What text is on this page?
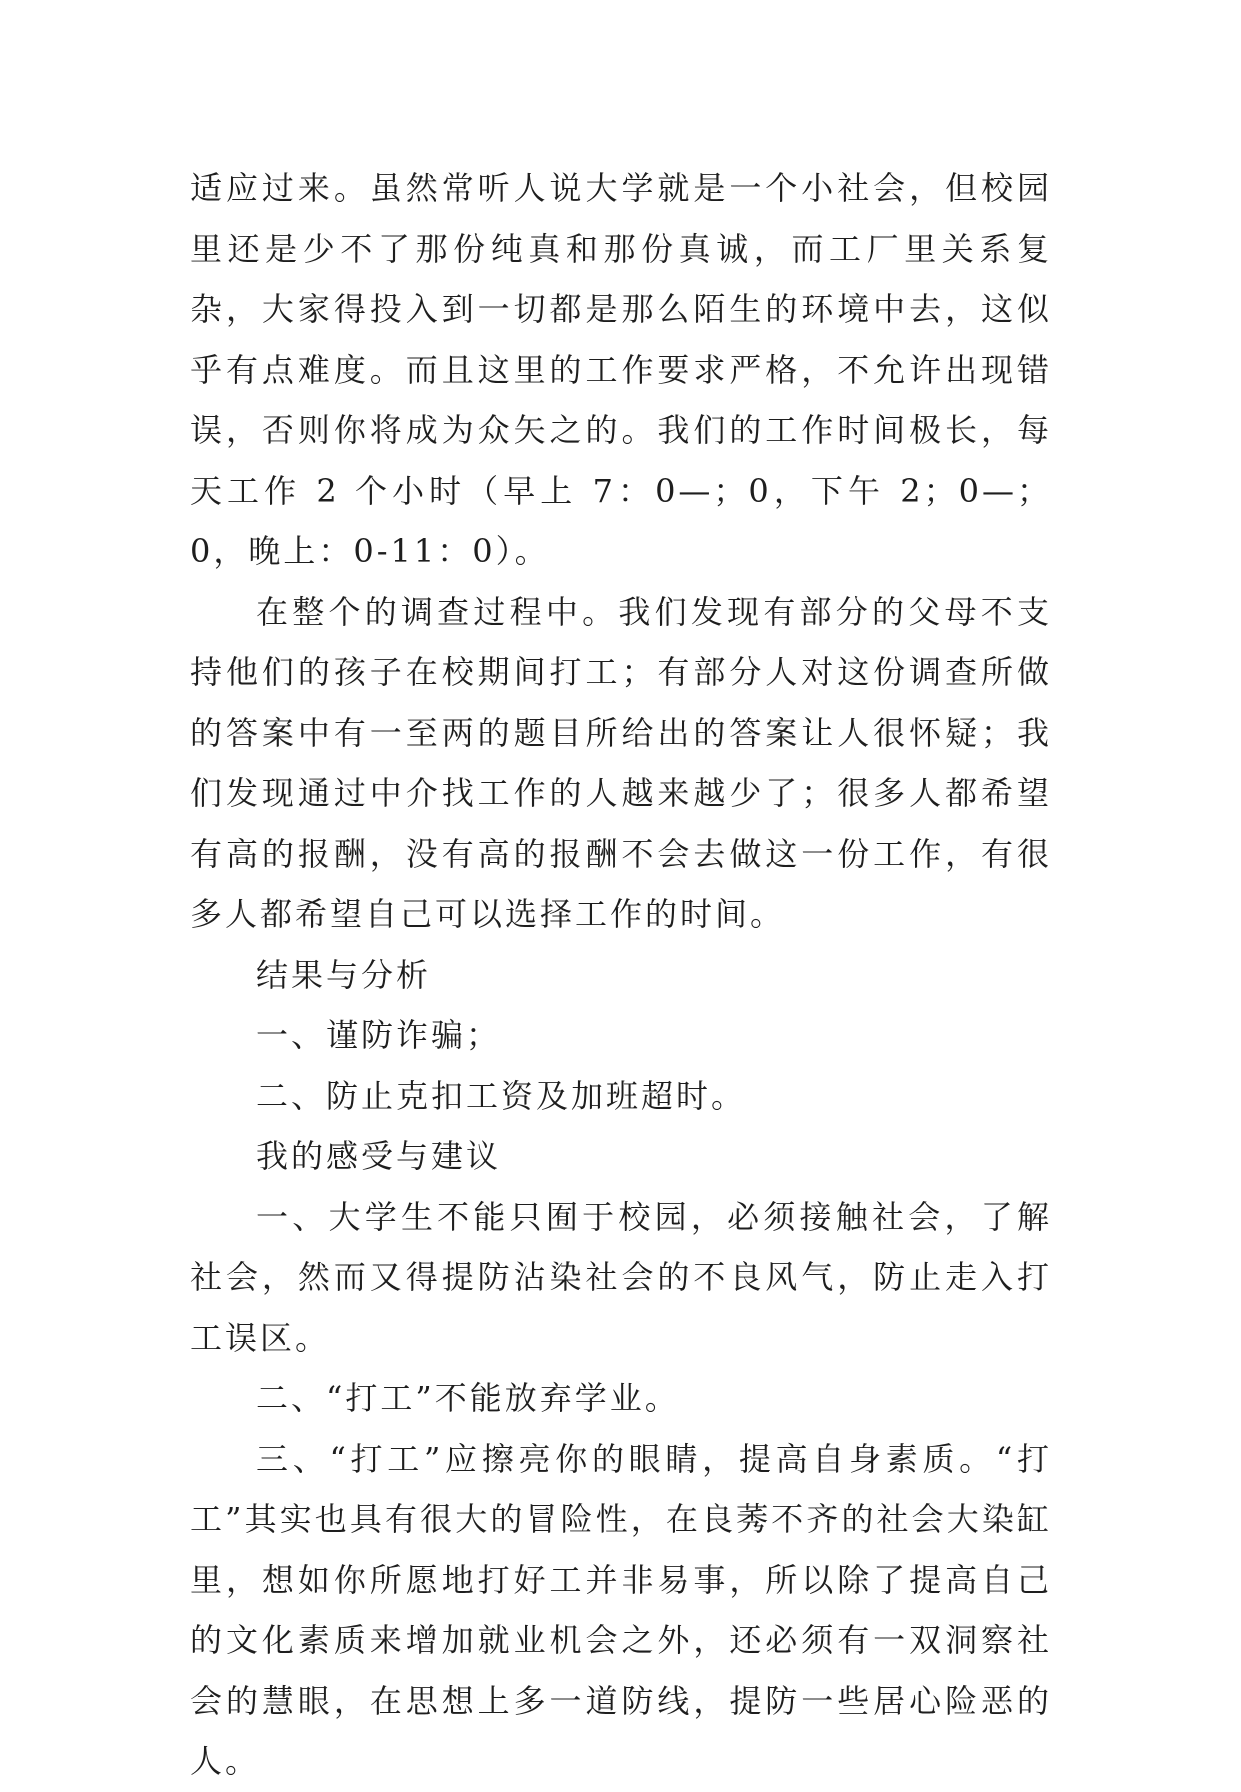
适应过来。虽然常听人说大学就是一个小社会，但校园里还是少不了那份纯真和那份真诚，而工厂里关系复杂，大家得投入到一切都是那么陌生的环境中去，这似乎有点难度。而且这里的工作要求严格，不允许出现错误，否则你将成为众矢之的。我们的工作时间极长，每天工作 2 个小时（早上 7：0—；0，下午 2；0—；0，晚上：0-11：0）。

在整个的调查过程中。我们发现有部分的父母不支持他们的孩子在校期间打工；有部分人对这份调查所做的答案中有一至两的题目所给出的答案让人很怀疑；我们发现通过中介找工作的人越来越少了；很多人都希望有高的报酬，没有高的报酬不会去做这一份工作，有很多人都希望自己可以选择工作的时间。

结果与分析

一、谨防诈骗；

二、防止克扣工资及加班超时。

我的感受与建议

一、大学生不能只囿于校园，必须接触社会，了解社会，然而又得提防沾染社会的不良风气，防止走入打工误区。

二、“打工”不能放弃学业。

三、“打工”应擦亮你的眼睛，提高自身素质。“打工”其实也具有很大的冒险性，在良莠不齐的社会大染缸里，想如你所愿地打好工并非易事，所以除了提高自己的文化素质来增加就业机会之外，还必须有一双洞察社会的慧眼，在思想上多一道防线，提防一些居心险恶的人。
